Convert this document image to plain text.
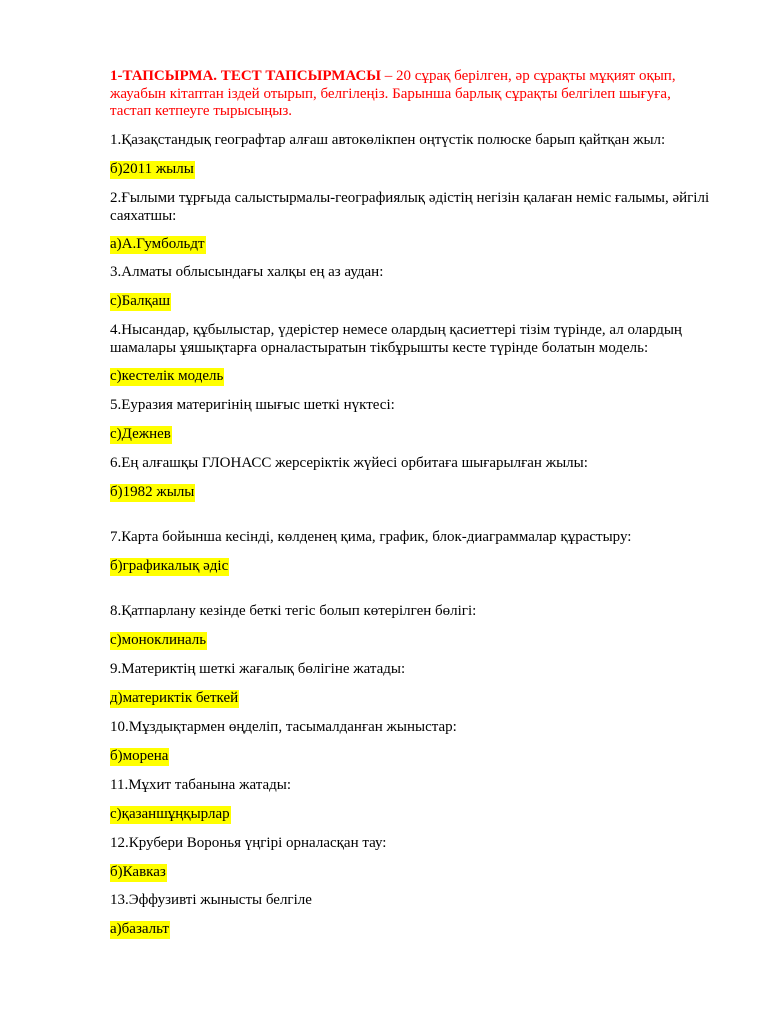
1-ТАПСЫРМА. ТЕСТ ТАПСЫРМАСЫ – 20 сұрақ берілген, әр сұрақты мұқият оқып, жауабын кітаптан іздей отырып, белгілеңіз. Барынша барлық сұрақты белгілеп шығуға, тастап кетпеуге тырысыңыз.
1.Қазақстандық географтар алғаш автокөлікпен оңтүстік полюске барып қайтқан жыл:
б)2011 жылы
2.Ғылыми тұрғыда салыстырмалы-географиялық әдістің негізін қалаған неміс ғалымы, әйгілі саяхатшы:
а)А.Гумбольдт
3.Алматы облысындағы халқы ең аз аудан:
с)Балқаш
4.Нысандар, құбылыстар, үдерістер немесе олардың қасиеттері тізім түрінде, ал олардың шамалары ұяшықтарға орналастыратын тікбұрышты кесте түрінде болатын модель:
с)кестелік модель
5.Еуразия материгінің шығыс шеткі нүктесі:
с)Дежнев
6.Ең алғашқы ГЛОНАСС жерсеріктік жүйесі орбитаға шығарылған жылы:
б)1982 жылы
7.Карта бойынша кесінді, көлденең қима, график, блок-диаграммалар құрастыру:
б)графикалық әдіс
8.Қатпарлану кезінде беткі тегіс болып көтерілген бөлігі:
с)моноклиналь
9.Материктің шеткі жағалық бөлігіне жатады:
д)материктік беткей
10.Мұздықтармен өңделіп, тасымалданған жыныстар:
б)морена
11.Мұхит табанына жатады:
с)қазаншұңқырлар
12.Крубери Воронья үңгірі орналасқан тау:
б)Кавказ
13.Эффузивті жынысты белгіле
а)базальт
